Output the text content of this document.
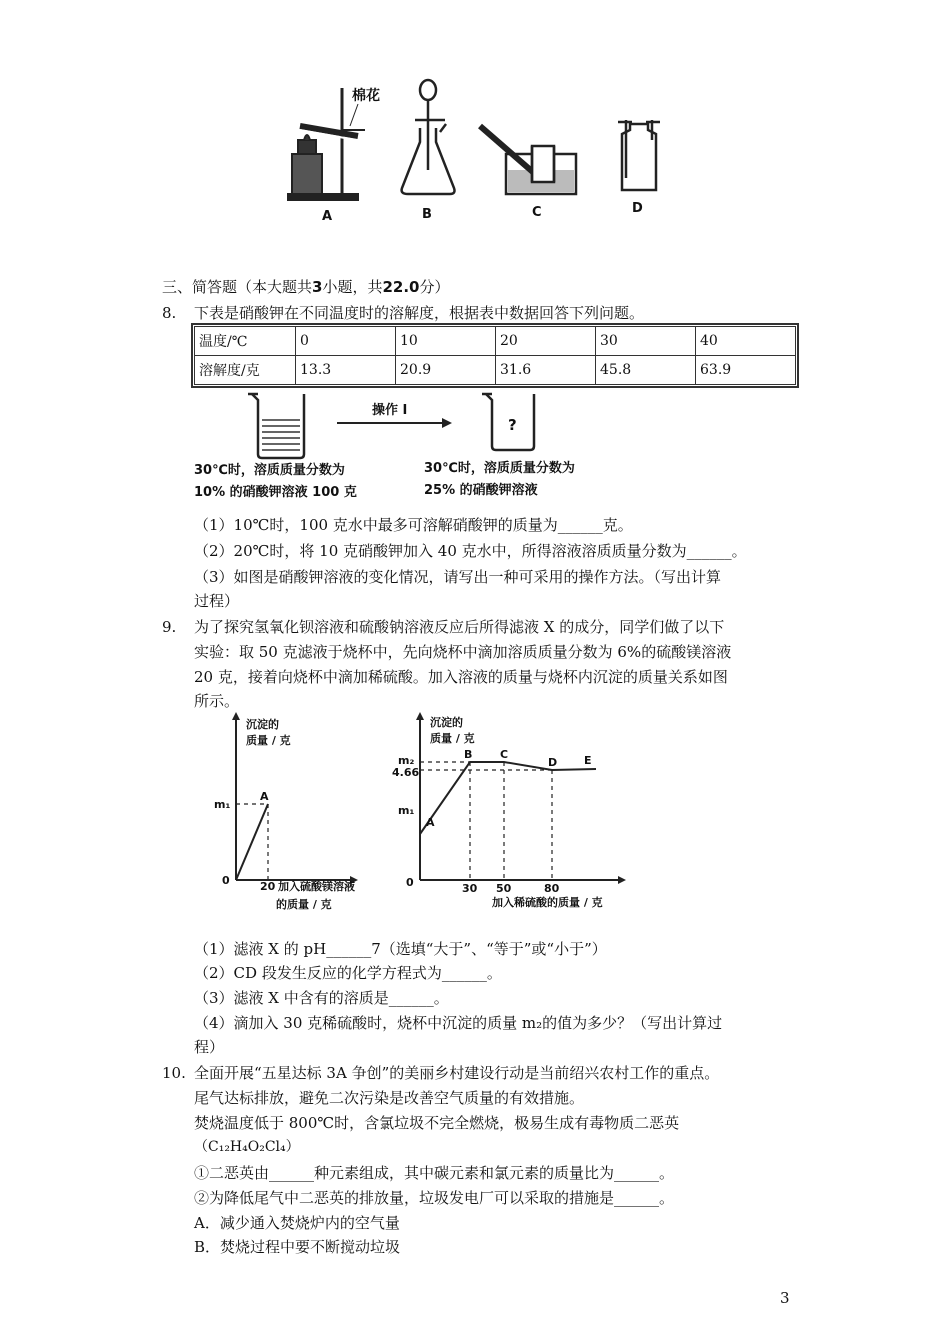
棉花
A	B	C	D
三、简答题（本大题共3小题，共22.0分）
8. 下表是硝酸钾在不同温度时的溶解度，根据表中数据回答下列问题。
温度/℃	0	10	20	30	40
溶解度/克	13.3	20.9	31.6	45.8	63.9
操作 I
?
30℃时，溶质质量分数为
10% 的硝酸钾溶液 100 克
30℃时，溶质质量分数为
25% 的硝酸钾溶液
（1）10℃时，100 克水中最多可溶解硝酸钾的质量为______克。
（2）20℃时，将 10 克硝酸钾加入 40 克水中，所得溶液溶质质量分数为______。
（3）如图是硝酸钾溶液的变化情况，请写出一种可采用的操作方法。（写出计算
过程）
9. 为了探究氢氧化钡溶液和硫酸钠溶液反应后所得滤液 X 的成分，同学们做了以下
实验：取 50 克滤液于烧杯中，先向烧杯中滴加溶质质量分数为 6%的硫酸镁溶液
20 克，接着向烧杯中滴加稀硫酸。加入溶液的质量与烧杯内沉淀的质量关系如图
所示。
沉淀的
质量 / 克
m₁
A
0	20 加入硫酸镁溶液
的质量 / 克
沉淀的
质量 / 克
m₂
4.66
m₁
A
B	C
D E
0	30 50	80
加入稀硫酸的质量 / 克
（1）滤液 X 的 pH______7（选填“大于”、“等于”或“小于”）
（2）CD 段发生反应的化学方程式为______。
（3）滤液 X 中含有的溶质是______。
（4）滴加入 30 克稀硫酸时，烧杯中沉淀的质量 m₂的值为多少？（写出计算过
程）
10. 全面开展“五星达标 3A 争创”的美丽乡村建设行动是当前绍兴农村工作的重点。
尾气达标排放，避免二次污染是改善空气质量的有效措施。
焚烧温度低于 800℃时，含氯垃圾不完全燃烧，极易生成有毒物质二恶英
（C₁₂H₄O₂Cl₄）
①二恶英由______种元素组成，其中碳元素和氯元素的质量比为______。
②为降低尾气中二恶英的排放量，垃圾发电厂可以采取的措施是______。
A．减少通入焚烧炉内的空气量
B．焚烧过程中要不断搅动垃圾
3
